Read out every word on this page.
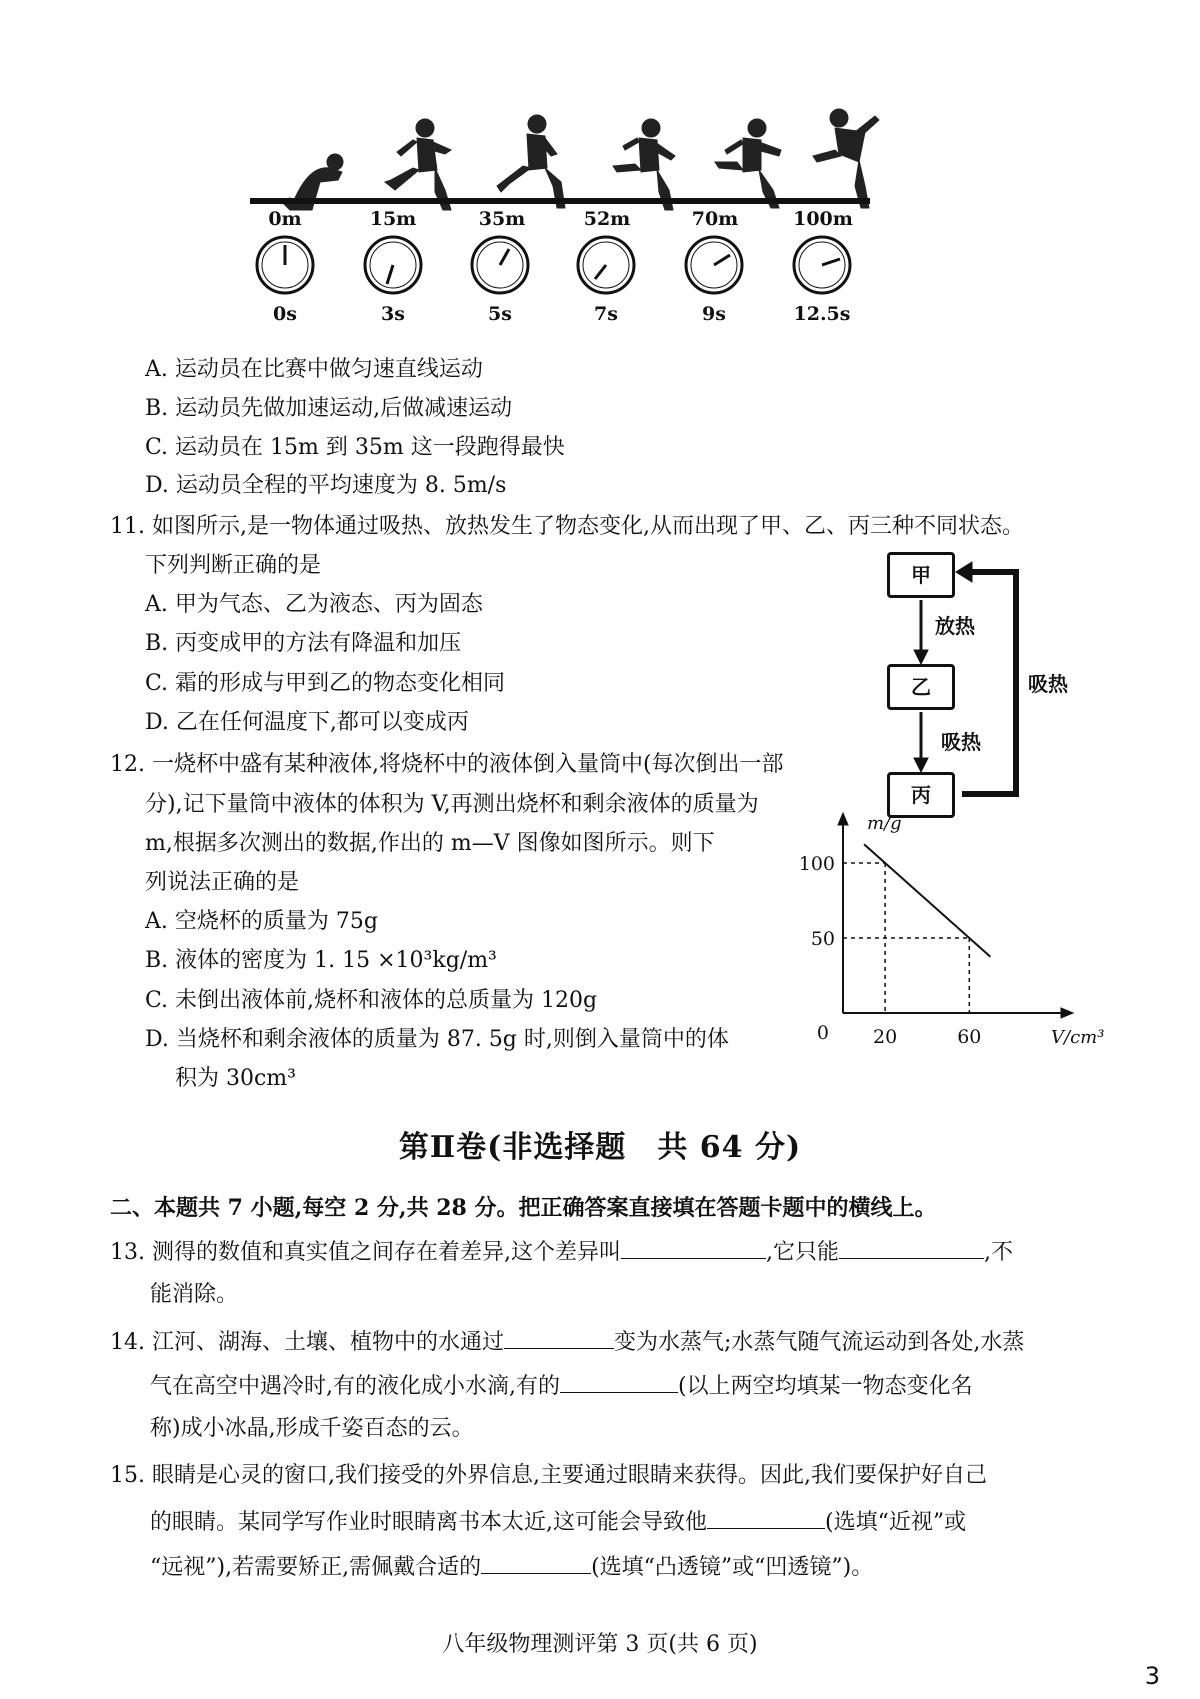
0m	15m	35m	52m	70m	100m
0s	3s	5s	7s	9s	12.5s
A. 运动员在比赛中做匀速直线运动
B. 运动员先做加速运动,后做减速运动
C. 运动员在 15m 到 35m 这一段跑得最快
D. 运动员全程的平均速度为 8. 5m/s
11. 如图所示,是一物体通过吸热、放热发生了物态变化,从而出现了甲、乙、丙三种不同状态。
下列判断正确的是
A. 甲为气态、乙为液态、丙为固态
B. 丙变成甲的方法有降温和加压
C. 霜的形成与甲到乙的物态变化相同
D. 乙在任何温度下,都可以变成丙
甲
乙
丙
放热
吸热
吸热
12. 一烧杯中盛有某种液体,将烧杯中的液体倒入量筒中(每次倒出一部
分),记下量筒中液体的体积为 V,再测出烧杯和剩余液体的质量为
m,根据多次测出的数据,作出的 m—V 图像如图所示。则下
列说法正确的是
A. 空烧杯的质量为 75g
B. 液体的密度为 1. 15 ×10³kg/m³
C. 未倒出液体前,烧杯和液体的总质量为 120g
D. 当烧杯和剩余液体的质量为 87. 5g 时,则倒入量筒中的体
积为 30cm³
20	60
50
100
0	V/cm³
m/g
第Ⅱ卷(非选择题　共 64 分)
二、本题共 7 小题,每空 2 分,共 28 分。把正确答案直接填在答题卡题中的横线上。
13. 测得的数值和真实值之间存在着差异,这个差异叫	,它只能	,不
能消除。
14. 江河、湖海、土壤、植物中的水通过	变为水蒸气;水蒸气随气流运动到各处,水蒸
气在高空中遇冷时,有的液化成小水滴,有的	(以上两空均填某一物态变化名
称)成小冰晶,形成千姿百态的云。
15. 眼睛是心灵的窗口,我们接受的外界信息,主要通过眼睛来获得。因此,我们要保护好自己
的眼睛。某同学写作业时眼睛离书本太近,这可能会导致他	(选填“近视”或
“远视”),若需要矫正,需佩戴合适的	(选填“凸透镜”或“凹透镜”)。
八年级物理测评第 3 页(共 6 页)
3
